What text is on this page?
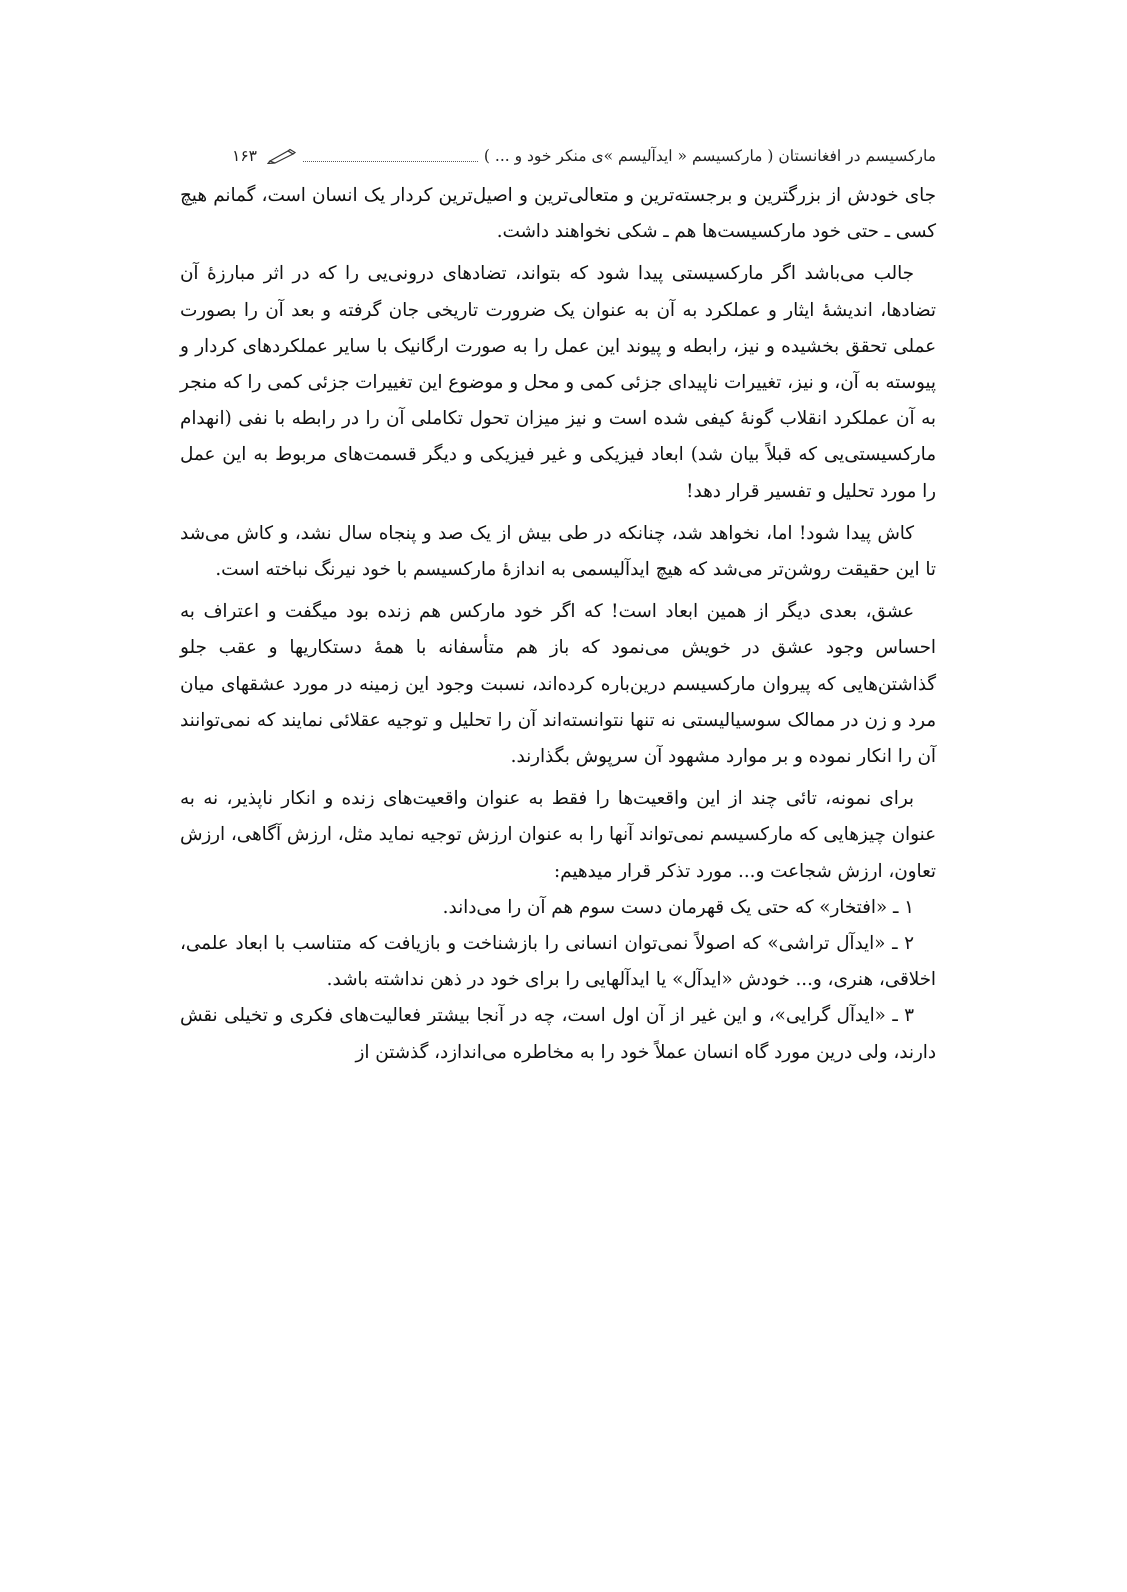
مارکسیسم در افغانستان ( مارکسیسم « ایدآلیسم »ی منکر خود و ... )
۱۶۳

جای خودش از بزرگترین و برجسته‌ترین و متعالی‌ترین و اصیل‌ترین کردار یک انسان است، گمانم هیچ کسی ـ حتی خود مارکسیست‌ها هم ـ شکی نخواهند داشت.

جالب می‌باشد اگر مارکسیستی پیدا شود که بتواند، تضادهای درونی‌یی را که در اثر مبارزهٔ آن تضادها، اندیشهٔ ایثار و عملکرد به آن به عنوان یک ضرورت تاریخی جان گرفته و بعد آن را بصورت عملی تحقق بخشیده و نیز، رابطه و پیوند این عمل را به صورت ارگانیک با سایر عملکردهای کردار و پیوسته به آن، و نیز، تغییرات ناپیدای جزئی کمی و محل و موضوع این تغییرات جزئی کمی را که منجر به آن عملکرد انقلاب گونهٔ کیفی شده است و نیز میزان تحول تکاملی آن را در رابطه با نفی (انهدام مارکسیستی‌یی که قبلاً بیان شد) ابعاد فیزیکی و غیر فیزیکی و دیگر قسمت‌های مربوط به این عمل را مورد تحلیل و تفسیر قرار دهد!

کاش پیدا شود! اما، نخواهد شد، چنانکه در طی بیش از یک صد و پنجاه سال نشد، و کاش می‌شد تا این حقیقت روشن‌تر می‌شد که هیچ ایدآلیسمی به اندازهٔ مارکسیسم با خود نیرنگ نباخته است.

عشق، بعدی دیگر از همین ابعاد است! که اگر خود مارکس هم زنده بود میگفت و اعتراف به احساس وجود عشق در خویش می‌نمود که باز هم متأسفانه با همهٔ دستکاریها و عقب جلو گذاشتن‌هایی که پیروان مارکسیسم درین‌باره کرده‌اند، نسبت وجود این زمینه در مورد عشقهای میان مرد و زن در ممالک سوسیالیستی نه تنها نتوانسته‌اند آن را تحلیل و توجیه عقلائی نمایند که نمی‌توانند آن را انکار نموده و بر موارد مشهود آن سرپوش بگذارند.

برای نمونه، تائی چند از این واقعیت‌ها را فقط به عنوان واقعیت‌های زنده و انکار ناپذیر، نه به عنوان چیزهایی که مارکسیسم نمی‌تواند آنها را به عنوان ارزش توجیه نماید مثل، ارزش آگاهی، ارزش تعاون، ارزش شجاعت و... مورد تذکر قرار میدهیم:

۱ ـ «افتخار» که حتی یک قهرمان دست سوم هم آن را می‌داند.

۲ ـ «ایدآل تراشی» که اصولاً نمی‌توان انسانی را بازشناخت و بازیافت که متناسب با ابعاد علمی، اخلاقی، هنری، و... خودش «ایدآل» یا ایدآلهایی را برای خود در ذهن نداشته باشد.

۳ ـ «ایدآل گرایی»، و این غیر از آن اول است، چه در آنجا بیشتر فعالیت‌های فکری و تخیلی نقش دارند، ولی درین مورد گاه انسان عملاً خود را به مخاطره می‌اندازد، گذشتن از
